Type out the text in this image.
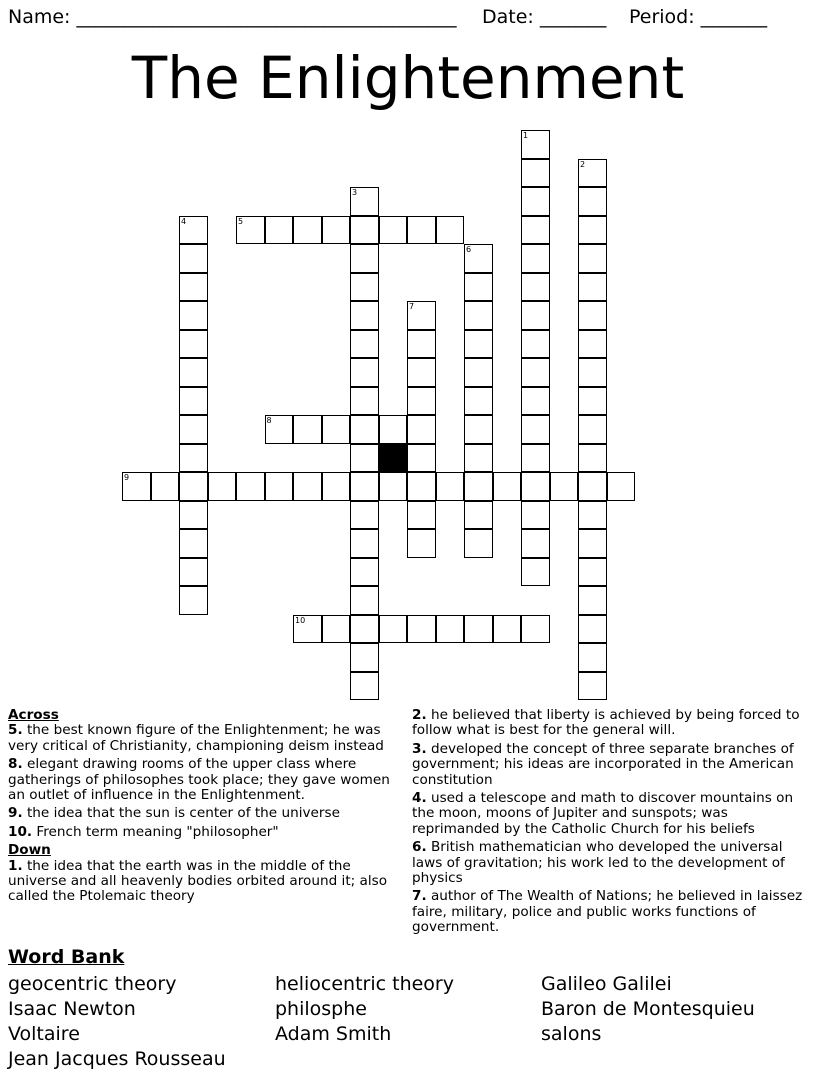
Name: ________________________________________ Date: _______ Period: _______
The Enlightenment
1
2
3
4	5
6
7
8
9
10
Across
5. the best known figure of the Enlightenment; he was very critical of Christianity, championing deism instead
8. elegant drawing rooms of the upper class where gatherings of philosophes took place; they gave women an outlet of influence in the Enlightenment.
9. the idea that the sun is center of the universe
10. French term meaning "philosopher"
Down
1. the idea that the earth was in the middle of the universe and all heavenly bodies orbited around it; also called the Ptolemaic theory
2. he believed that liberty is achieved by being forced to follow what is best for the general will.
3. developed the concept of three separate branches of government; his ideas are incorporated in the American constitution
4. used a telescope and math to discover mountains on the moon, moons of Jupiter and sunspots; was reprimanded by the Catholic Church for his beliefs
6. British mathematician who developed the universal laws of gravitation; his work led to the development of physics
7. author of The Wealth of Nations; he believed in laissez faire, military, police and public works functions of government.
Word Bank
geocentric theory	heliocentric theory	Galileo Galilei
Isaac Newton	philosphe	Baron de Montesquieu
Voltaire	Adam Smith	salons
Jean Jacques Rousseau
